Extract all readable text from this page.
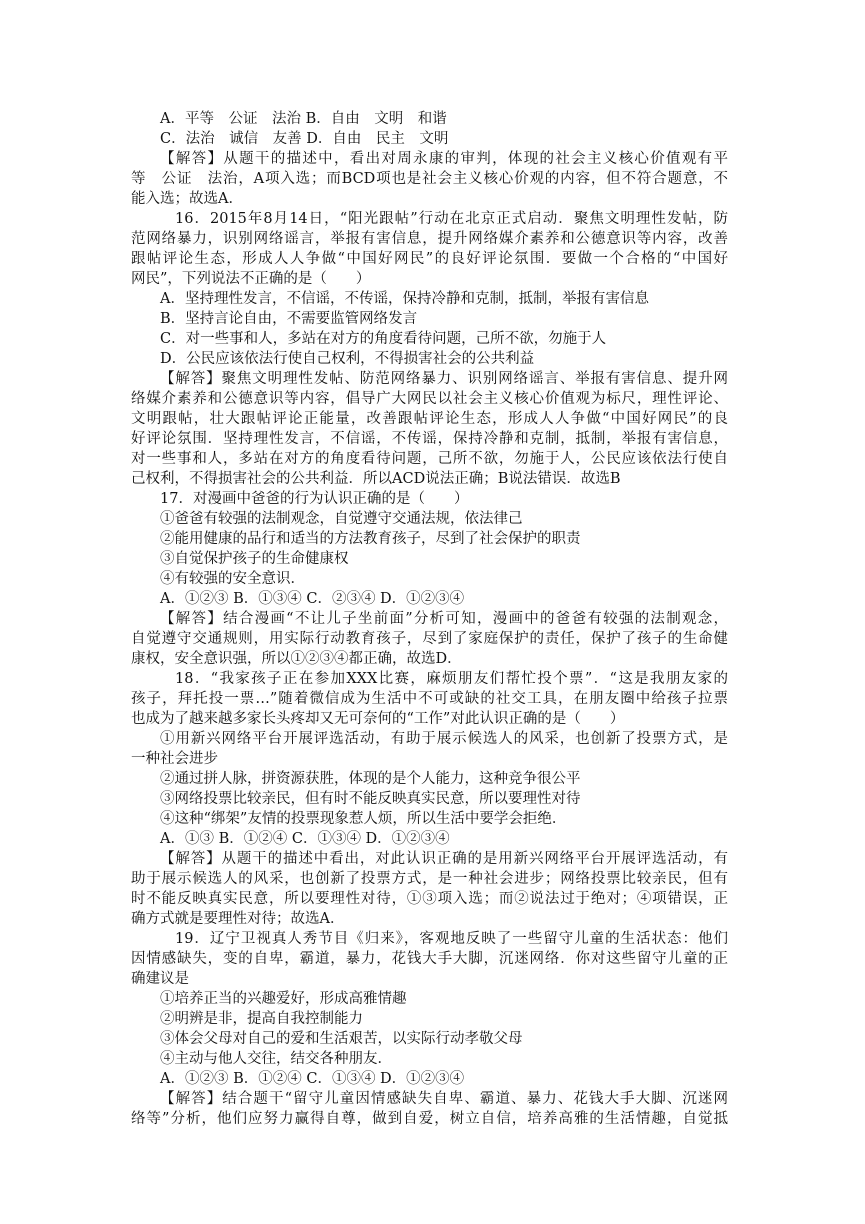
A．平等　公证　法治 B．自由　文明　和谐
C．法治　诚信　友善 D．自由　民主　文明
【解答】从题干的描述中，看出对周永康的审判，体现的社会主义核心价值观有平
等　公证　法治，A项入选；而BCD项也是社会主义核心价观的内容，但不符合题意，不
能入选；故选A．
16．2015年8月14日，“阳光跟帖”行动在北京正式启动．聚焦文明理性发帖，防
范网络暴力，识别网络谣言，举报有害信息，提升网络媒介素养和公德意识等内容，改善
跟帖评论生态，形成人人争做“中国好网民”的良好评论氛围．要做一个合格的“中国好
网民”，下列说法不正确的是（　　）
A．坚持理性发言，不信谣，不传谣，保持冷静和克制，抵制，举报有害信息
B．坚持言论自由，不需要监管网络发言
C．对一些事和人，多站在对方的角度看待问题，己所不欲，勿施于人
D．公民应该依法行使自己权利，不得损害社会的公共利益
【解答】聚焦文明理性发帖、防范网络暴力、识别网络谣言、举报有害信息、提升网
络媒介素养和公德意识等内容，倡导广大网民以社会主义核心价值观为标尺，理性评论、
文明跟帖，壮大跟帖评论正能量，改善跟帖评论生态，形成人人争做“中国好网民”的良
好评论氛围．坚持理性发言，不信谣，不传谣，保持冷静和克制，抵制，举报有害信息，
对一些事和人，多站在对方的角度看待问题，己所不欲，勿施于人，公民应该依法行使自
己权利，不得损害社会的公共利益．所以ACD说法正确；B说法错误．故选B
17．对漫画中爸爸的行为认识正确的是（　　）
①爸爸有较强的法制观念，自觉遵守交通法规，依法律己
②能用健康的品行和适当的方法教育孩子，尽到了社会保护的职责
③自觉保护孩子的生命健康权
④有较强的安全意识．
A．①②③ B．①③④ C．②③④ D．①②③④
【解答】结合漫画“不让儿子坐前面”分析可知，漫画中的爸爸有较强的法制观念，
自觉遵守交通规则，用实际行动教育孩子，尽到了家庭保护的责任，保护了孩子的生命健
康权，安全意识强，所以①②③④都正确，故选D．
18．“我家孩子正在参加XXX比赛，麻烦朋友们帮忙投个票”．“这是我朋友家的
孩子，拜托投一票…”随着微信成为生活中不可或缺的社交工具，在朋友圈中给孩子拉票
也成为了越来越多家长头疼却又无可奈何的“工作”对此认识正确的是（　　）
①用新兴网络平台开展评选活动，有助于展示候选人的风采，也创新了投票方式，是
一种社会进步
②通过拼人脉，拼资源获胜，体现的是个人能力，这种竞争很公平
③网络投票比较亲民，但有时不能反映真实民意，所以要理性对待
④这种“绑架”友情的投票现象惹人烦，所以生活中要学会拒绝．
A．①③ B．①②④ C．①③④ D．①②③④
【解答】从题干的描述中看出，对此认识正确的是用新兴网络平台开展评选活动，有
助于展示候选人的风采，也创新了投票方式，是一种社会进步；网络投票比较亲民，但有
时不能反映真实民意，所以要理性对待，①③项入选；而②说法过于绝对；④项错误，正
确方式就是要理性对待；故选A．
19．辽宁卫视真人秀节目《归来》，客观地反映了一些留守儿童的生活状态：他们
因情感缺失，变的自卑，霸道，暴力，花钱大手大脚，沉迷网络．你对这些留守儿童的正
确建议是
①培养正当的兴趣爱好，形成高雅情趣
②明辨是非，提高自我控制能力
③体会父母对自己的爱和生活艰苦，以实际行动孝敬父母
④主动与他人交往，结交各种朋友．
A．①②③ B．①②④ C．①③④ D．①②③④
【解答】结合题干“留守儿童因情感缺失自卑、霸道、暴力、花钱大手大脚、沉迷网
络等”分析，他们应努力赢得自尊，做到自爱，树立自信，培养高雅的生活情趣，自觉抵
